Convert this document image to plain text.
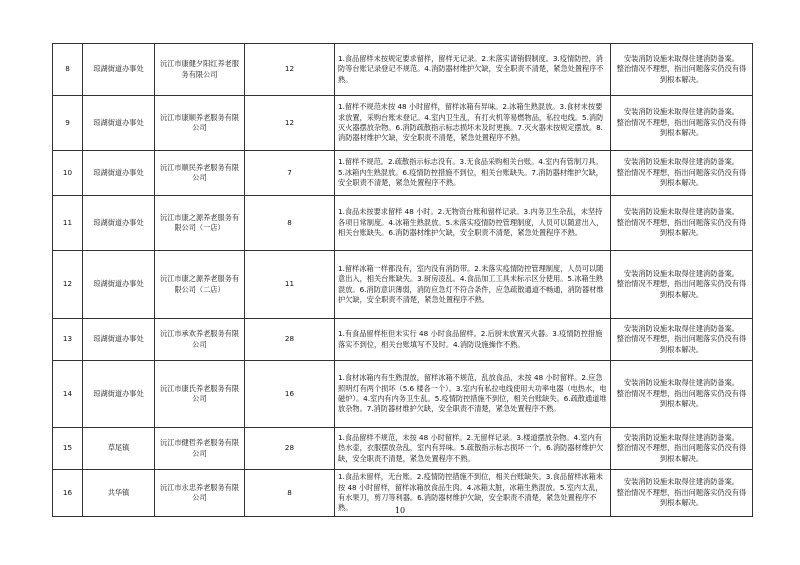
8	琼湖街道办事处	沅江市康健夕阳红养老服务有限公司	12	1.食品留样未按规定要求留样，留样无记录。2.未落实请销假制度。3.疫情防控，消防等台账记录登记不规范。4.消防器材维护欠缺，安全职责不清楚，紧急处置程序不熟。	安装消防设施未取得住建消防备案。
整治情况不理想，指出问题落实仍没有得到根本解决。

9	琼湖街道办事处	沅江市康顺养老服务有限公司	12	1.留样不规范未按 48 小时留样，留样冰箱有异味。2.冰箱生熟混放。3.食材未按要求放置，采购台账未登记。4.室内卫生乱，有打火机等易燃物品，私拉电线。5.消防灭火器摆放杂物。6.消防疏散指示标志损坏未及时更换。7.灭火器未按规定摆放。8.消防器材维护欠缺，安全职责不清楚，紧急处置程序不熟。	安装消防设施未取得住建消防备案。
整治情况不理想，指出问题落实仍没有得到根本解决。

10	琼湖街道办事处	沅江市顺民养老服务有限公司	7	1.留样不规范。2.疏散指示标志没有。3.无食品采购相关台账。4.室内有管制刀具。5.冰箱内生熟混放。6.疫情防控措施不到位，相关台账缺失。7.消防器材维护欠缺，安全职责不清楚，紧急处置程序不熟。	安装消防设施未取得住建消防备案。
整治情况不理想，指出问题落实仍没有得到根本解决。

11	琼湖街道办事处	沅江市康之源养老服务有限公司（一店）	8	1.食品未按要求留样 48 小时。2.无物资台账和留样记录。3.内务卫生杂乱，未坚持各项日常制度。4.冰箱生熟混放。5.未落实疫情防控管理制度，人员可以随意出入，相关台账缺失。6.消防器材维护欠缺，安全职责不清楚，紧急处置程序不熟。	安装消防设施未取得住建消防备案。
整治情况不理想，指出问题落实仍没有得到根本解决。

12	琼湖街道办事处	沅江市康之源养老服务有限公司（二店）	11	1.留样冰箱一样都没有，室内没有消防带。2.未落实疫情防控管理制度，人员可以随意出入，相关台账缺失。3.厨房凌乱。4.食品加工工具未标示区分使用。5.冰箱生熟混放。6.消防意识薄弱，消防应急灯不符合条件，应急疏散通道不畅通，消防器材维护欠缺，安全职责不清楚，紧急处置程序不熟。	安装消防设施未取得住建消防备案。
整治情况不理想，指出问题落实仍没有得到根本解决。

13	琼湖街道办事处	沅江市承欢养老服务有限公司	28	1.有食品留样柜但未实行 48 小时食品留样。2.后厨未放置灭火器。3.疫情防控措施落实不到位，相关台账填写不及时。4.消防设施操作不熟。	安装消防设施未取得住建消防备案。
整治情况不理想，指出问题落实仍没有得到根本解决。

14	琼湖街道办事处	沅江市康氏养老服务有限公司	16	1.食材冰箱内有生熟混放，留样冰箱不规范，乱放食品，未按 48 小时留样。2.应急照明灯有两个损坏（5.6 楼各一个）。3.室内有私拉电线使用大功率电器（电热水，电磁炉）。4.室内有内务卫生乱。5.疫情防控措施不到位，相关台账缺失。6.疏散通道堆放杂物。7.消防器材维护欠缺，安全职责不清楚，紧急处置程序不熟。	安装消防设施未取得住建消防备案。
整治情况不理想，指出问题落实仍没有得到根本解决。

15	草尾镇	沅江市健哲养老服务有限公司	28	1.食品留样不规范，未按 48 小时留样。2.无留样记录。3.楼道摆放杂物。4.室内有热水壶，衣服摆放杂乱，室内有异味。5.疏散指示标志损坏一个。6.消防器材维护欠缺，安全职责不清楚，紧急处置程序不熟。	安装消防设施未取得住建消防备案。
整治情况不理想，指出问题落实仍没有得到根本解决。

16	共华镇	沅江市永忠养老服务有限公司	8	1.食品未留样，无台账。2.疫情防控措施不到位，相关台账缺失。3.食品留样冰箱未按 48 小时留样，留样冰箱放食品生肉。4.冰箱太脏，冰箱生熟混放。5.室内太乱，有水果刀，剪刀等利器。6.消防器材维护欠缺，安全职责不清楚，紧急处置程序不熟。	安装消防设施未取得住建消防备案。
整治情况不理想，指出问题落实仍没有得到根本解决。
10
